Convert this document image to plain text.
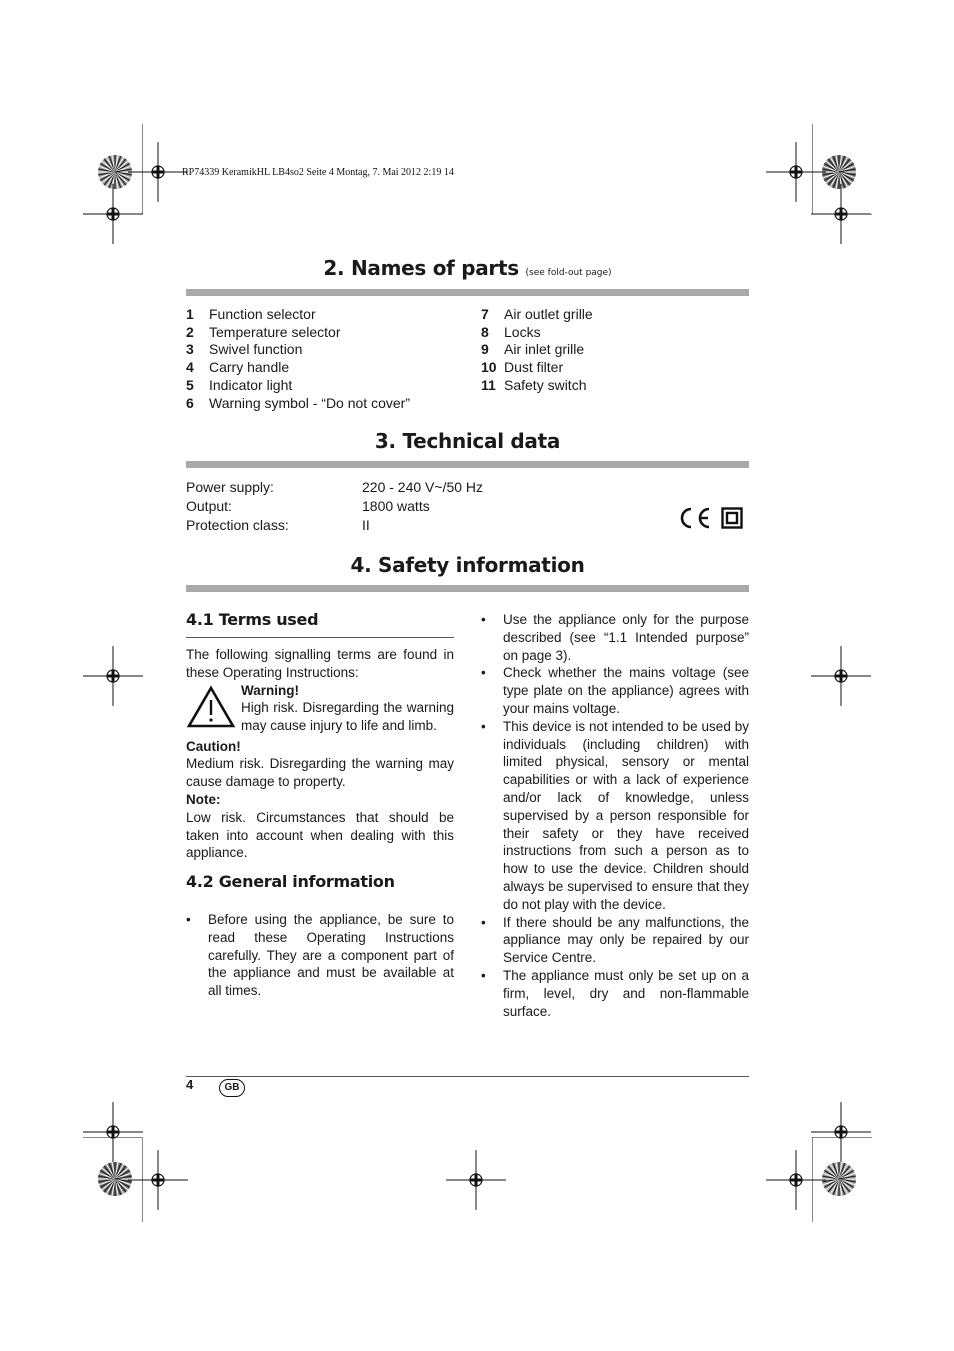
RP74339 KeramikHL LB4so2 Seite 4 Montag, 7. Mai 2012 2:19 14
2. Names of parts (see fold-out page)
1	Function selector
2	Temperature selector
3	Swivel function
4	Carry handle
5	Indicator light
6	Warning symbol - “Do not cover”
7	Air outlet grille
8	Locks
9	Air inlet grille
10 Dust filter
11 Safety switch
3. Technical data
Power supply:	220 - 240 V~/50 Hz
Output:	1800 watts
Protection class:	II
4. Safety information
4.1 Terms used

The following signalling terms are found in these Operating Instructions:

Warning!
High risk. Disregarding the warning may cause injury to life and limb.
Caution!

Medium risk. Disregarding the warning may cause damage to property.

Note:

Low risk. Circumstances that should be taken into account when dealing with this appliance.

4.2 General information
• Before using the appliance, be sure to read these Operating Instructions carefully. They are a component part of the appliance and must be available at all times.
• Use the appliance only for the purpose described (see “1.1 Intended purpose” on page 3).
• Check whether the mains voltage (see type plate on the appliance) agrees with your mains voltage.
• This device is not intended to be used by individuals (including children) with limited physical, sensory or mental capabilities or with a lack of experience and/or lack of knowledge, unless supervised by a person responsible for their safety or they have received instructions from such a person as to how to use the device. Children should always be supervised to ensure that they do not play with the device.
• If there should be any malfunctions, the appliance may only be repaired by our Service Centre.
• The appliance must only be set up on a firm, level, dry and non-flammable surface.
4	GB
